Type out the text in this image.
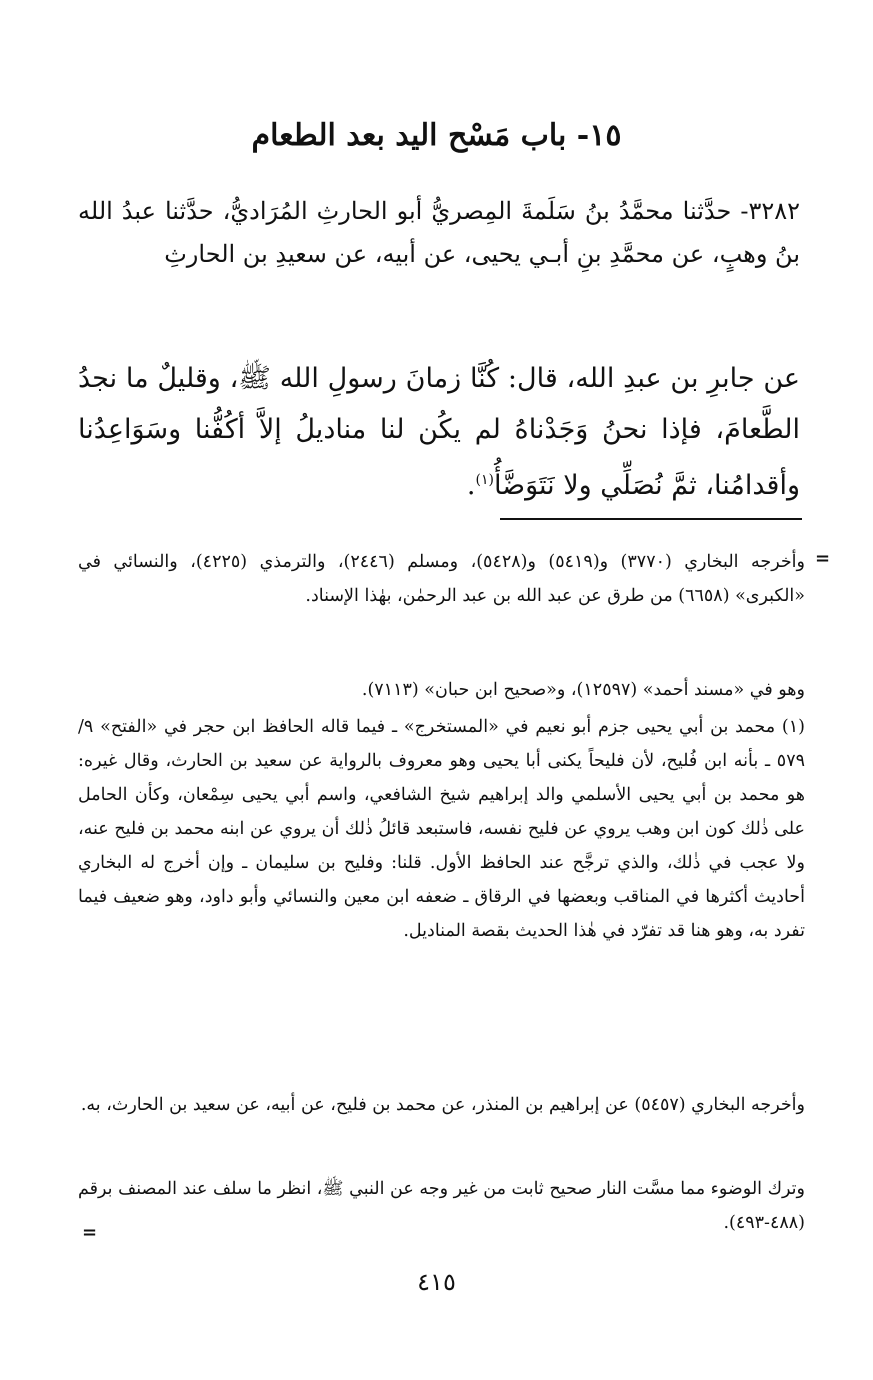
١٥- باب مَسْح اليد بعد الطعام
٣٢٨٢- حدَّثنا محمَّدُ بنُ سَلَمةَ المِصريُّ أبو الحارثِ المُرَاديُّ، حدَّثنا عبدُ الله بنُ وهبٍ، عن محمَّدِ بنِ أبـي يحيى، عن أبيه، عن سعيدِ بن الحارثِ
عن جابرِ بن عبدِ الله، قال: كُنَّا زمانَ رسولِ الله ﷺ، وقليلٌ ما نجدُ الطَّعامَ، فإذا نحنُ وَجَدْناهُ لم يكُن لنا مناديلُ إلاَّ أكُفُّنا وسَوَاعِدُنا وأقدامُنا، ثمَّ نُصَلِّي ولا نَتَوَضَّأُ$^{(١)}$.
=
وأخرجه البخاري (٣٧٧٠) و(٥٤١٩) و(٥٤٢٨)، ومسلم (٢٤٤٦)، والترمذي (٤٢٢٥)، والنسائي في «الكبرى» (٦٦٥٨) من طرق عن عبد الله بن عبد الرحمٰن، بهٰذا الإسناد.
وهو في «مسند أحمد» (١٢٥٩٧)، و«صحيح ابن حبان» (٧١١٣).
(١) محمد بن أبي يحيى جزم أبو نعيم في «المستخرج» ـ فيما قاله الحافظ ابن حجر في «الفتح» ٩/ ٥٧٩ ـ بأنه ابن فُليح، لأن فليحاً يكنى أبا يحيى وهو معروف بالرواية عن سعيد بن الحارث، وقال غيره: هو محمد بن أبي يحيى الأسلمي والد إبراهيم شيخ الشافعي، واسم أبي يحيى سِمْعان، وكأن الحامل على ذٰلك كون ابن وهب يروي عن فليح نفسه، فاستبعد قائلُ ذٰلك أن يروي عن ابنه محمد بن فليح عنه، ولا عجب في ذٰلك، والذي ترجَّح عند الحافظ الأول. قلنا: وفليح بن سليمان ـ وإن أخرج له البخاري أحاديث أكثرها في المناقب وبعضها في الرقاق ـ ضعفه ابن معين والنسائي وأبو داود، وهو ضعيف فيما تفرد به، وهو هنا قد تفرّد في هٰذا الحديث بقصة المناديل.
وأخرجه البخاري (٥٤٥٧) عن إبراهيم بن المنذر، عن محمد بن فليح، عن أبيه، عن سعيد بن الحارث، به.
وترك الوضوء مما مسَّت النار صحيح ثابت من غير وجه عن النبي ﷺ، انظر ما سلف عند المصنف برقم (٤٨٨-٤٩٣).
=
٤١٥
